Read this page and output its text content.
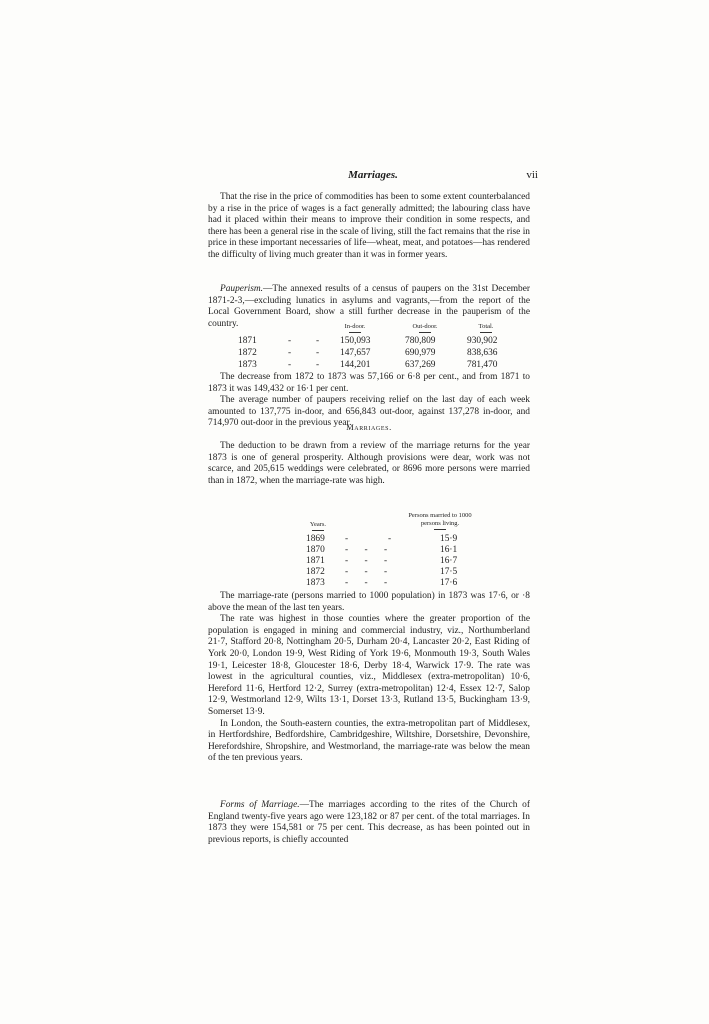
Marriages.	vii

That the rise in the price of commodities has been to some extent counterbalanced by a rise in the price of wages is a fact generally admitted; the labouring class have had it placed within their means to improve their condition in some respects, and there has been a general rise in the scale of living, still the fact remains that the rise in price in these important necessaries of life—wheat, meat, and potatoes—has rendered the difficulty of living much greater than it was in former years.

Pauperism.—The annexed results of a census of paupers on the 31st December 1871-2-3,—excluding lunatics in asylums and vagrants,—from the report of the Local Government Board, show a still further decrease in the pauperism of the country.	In-door.	Out-door.	Total.
1871	-	- 150,093	780,809	930,902
1872	-	- 147,657	690,979	838,636
1873	-	- 144,201	637,269	781,470

The decrease from 1872 to 1873 was 57,166 or 6·8 per cent., and from 1871 to 1873 it was 149,432 or 16·1 per cent.

The average number of paupers receiving relief on the last day of each week amounted to 137,775 in-door, and 656,843 out-door, against 137,278 in-door, and 714,970 out-door in the previous year.

Marriages.

The deduction to be drawn from a review of the marriage returns for the year 1873 is one of general prosperity. Although provisions were dear, work was not scarce, and 205,615 weddings were celebrated, or 8696 more persons were married than in 1872, when the marriage-rate was high.

Years.
Persons married to 1000
persons living.
1869 -                 -	15·9
1870 -       -       -	16·1
1871 -       -       -	16·7
1872 -       -       -	17·5
1873 -       -       -	17·6

The marriage-rate (persons married to 1000 population) in 1873 was 17·6, or ·8 above the mean of the last ten years.

The rate was highest in those counties where the greater proportion of the population is engaged in mining and commercial industry, viz., Northumberland 21·7, Stafford 20·8, Nottingham 20·5, Durham 20·4, Lancaster 20·2, East Riding of York 20·0, London 19·9, West Riding of York 19·6, Monmouth 19·3, South Wales 19·1, Leicester 18·8, Gloucester 18·6, Derby 18·4, Warwick 17·9. The rate was lowest in the agricultural counties, viz., Middlesex (extra-metropolitan) 10·6, Hereford 11·6, Hertford 12·2, Surrey (extra-metropolitan) 12·4, Essex 12·7, Salop 12·9, Westmorland 12·9, Wilts 13·1, Dorset 13·3, Rutland 13·5, Buckingham 13·9, Somerset 13·9.

In London, the South-eastern counties, the extra-metropolitan part of Middlesex, in Hertfordshire, Bedfordshire, Cambridgeshire, Wiltshire, Dorsetshire, Devonshire, Herefordshire, Shropshire, and Westmorland, the marriage-rate was below the mean of the ten previous years.

Forms of Marriage.—The marriages according to the rites of the Church of England twenty-five years ago were 123,182 or 87 per cent. of the total marriages. In 1873 they were 154,581 or 75 per cent. This decrease, as has been pointed out in previous reports, is chiefly accounted
